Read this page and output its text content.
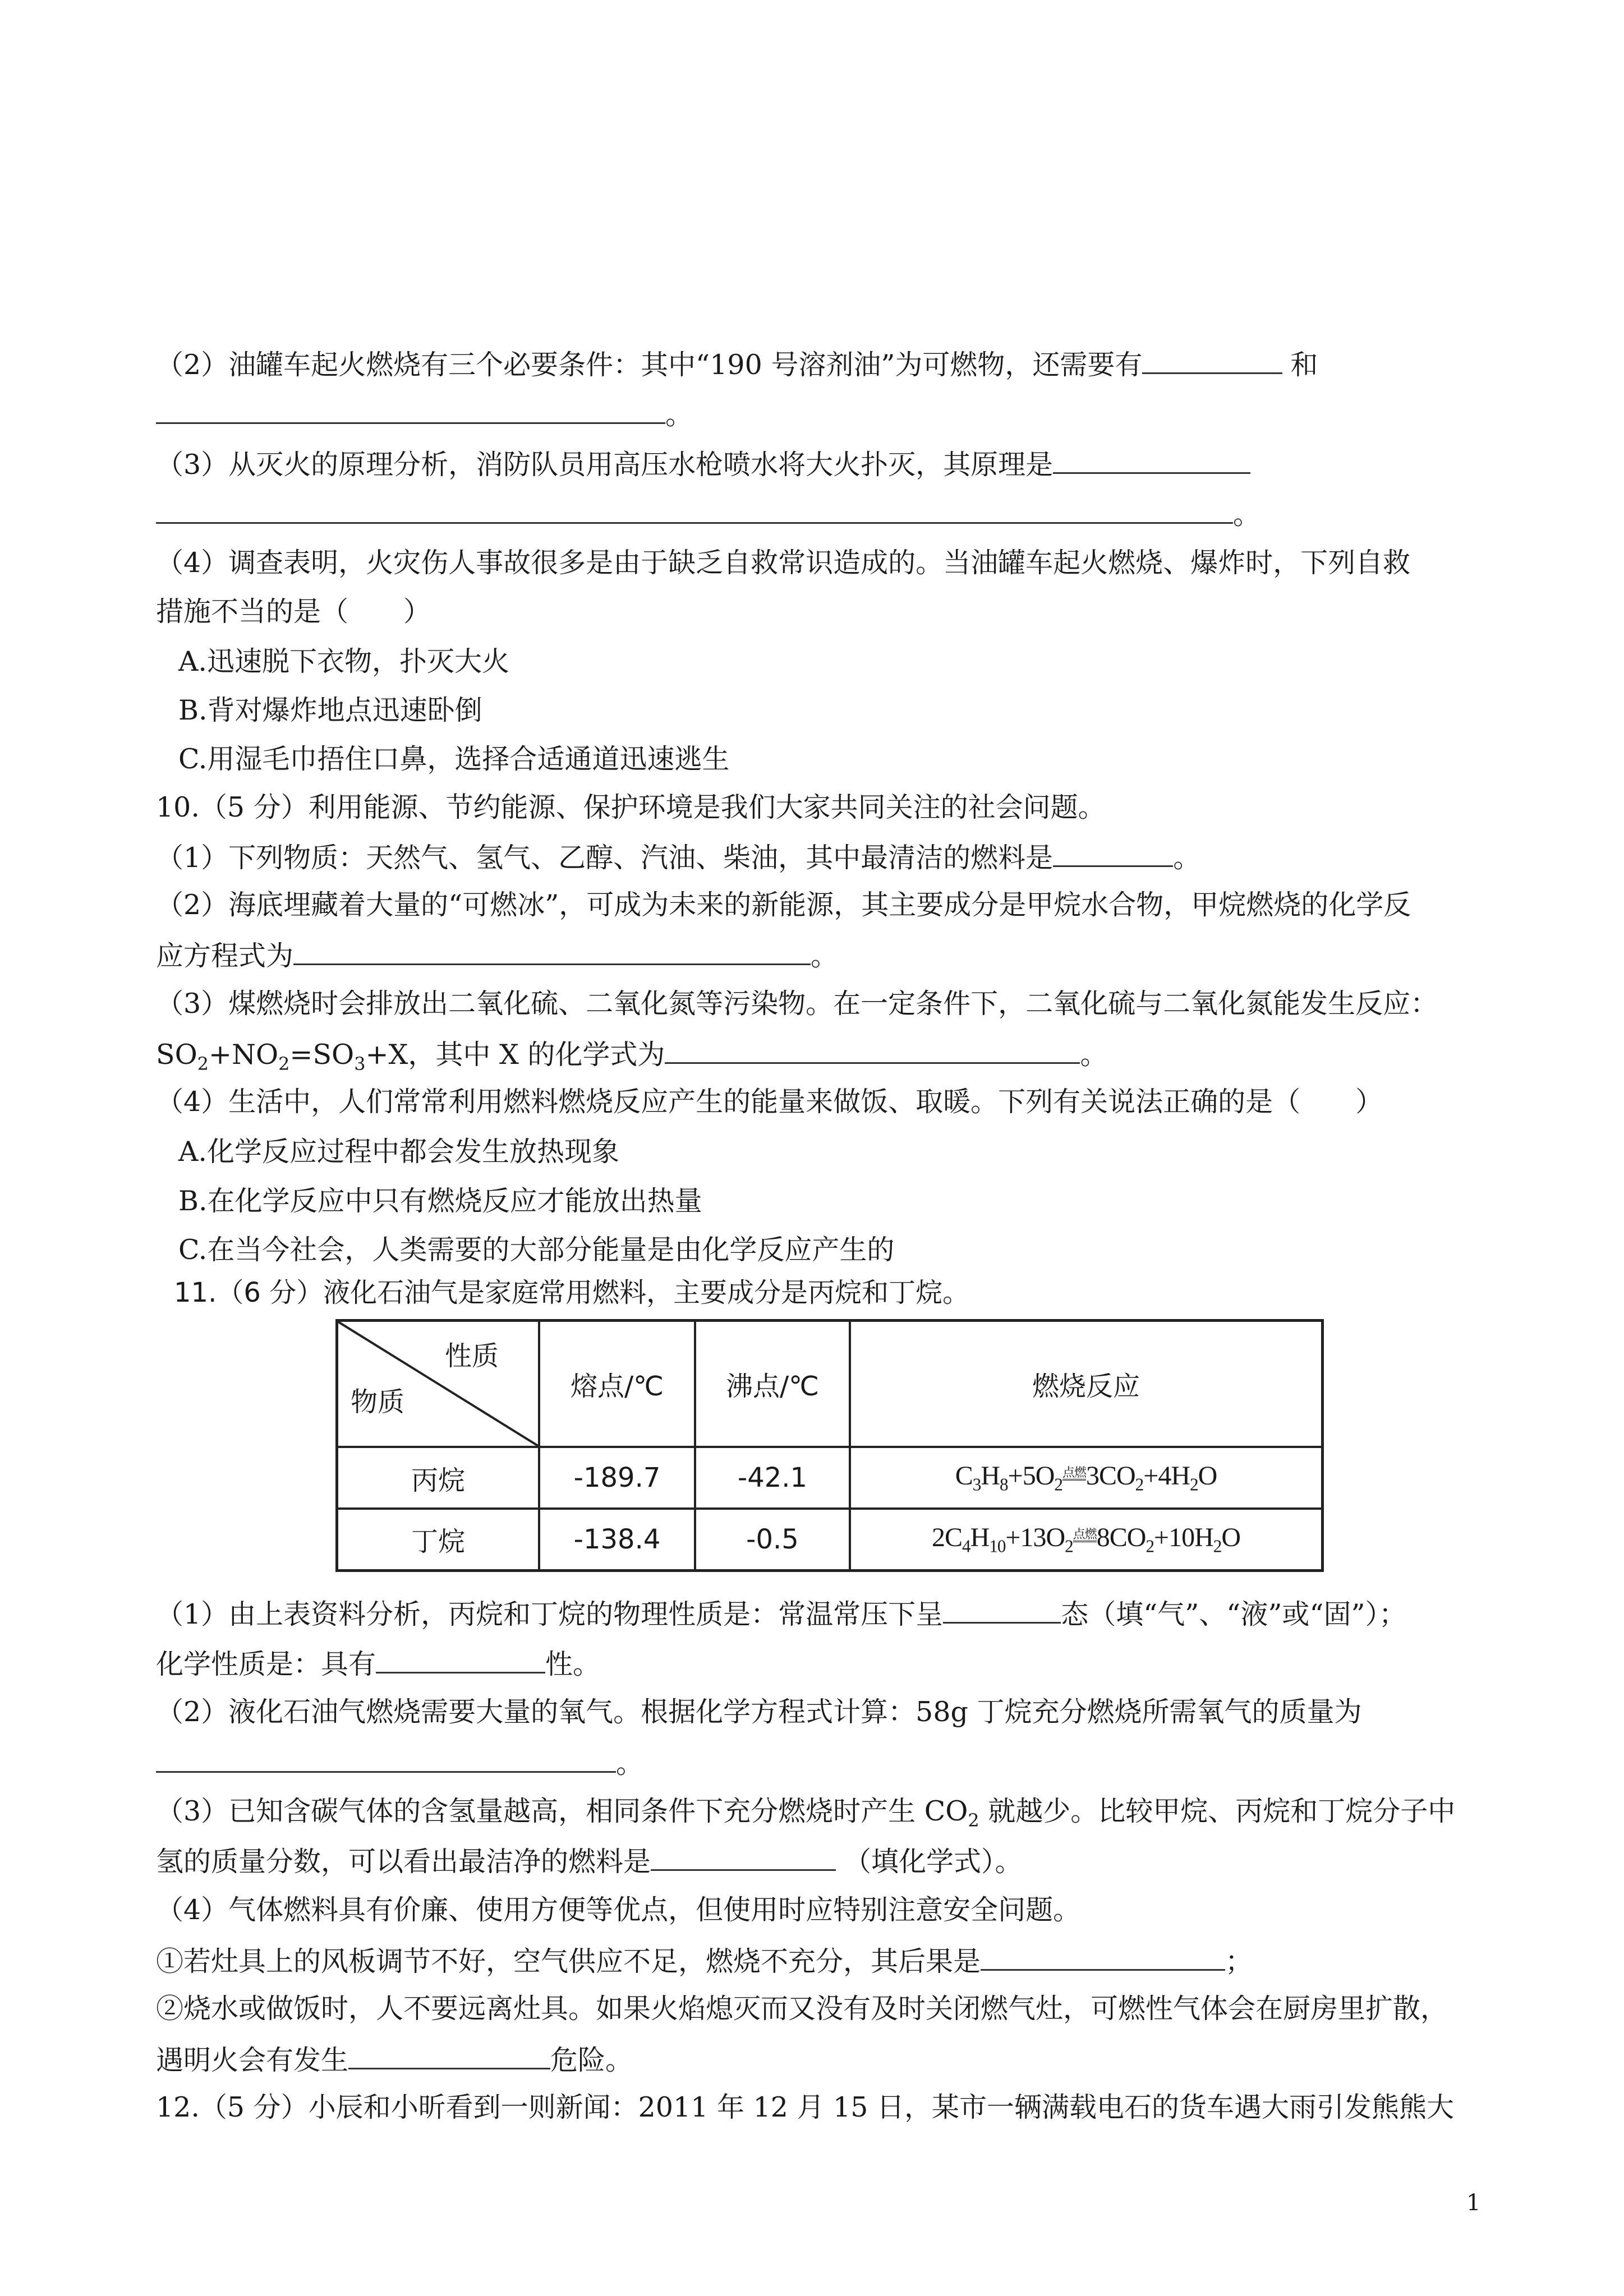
（2）油罐车起火燃烧有三个必要条件：其中“190 号溶剂油”为可燃物，还需要有	和
。
（3）从灭火的原理分析，消防队员用高压水枪喷水将大火扑灭，其原理是
。
（4）调查表明，火灾伤人事故很多是由于缺乏自救常识造成的。当油罐车起火燃烧、爆炸时，下列自救
措施不当的是（　　）
A.迅速脱下衣物，扑灭大火
B.背对爆炸地点迅速卧倒
C.用湿毛巾捂住口鼻，选择合适通道迅速逃生
10.（5 分）利用能源、节约能源、保护环境是我们大家共同关注的社会问题。
（1）下列物质：天然气、氢气、乙醇、汽油、柴油，其中最清洁的燃料是	。
（2）海底埋藏着大量的“可燃冰”，可成为未来的新能源，其主要成分是甲烷水合物，甲烷燃烧的化学反
应方程式为	。
（3）煤燃烧时会排放出二氧化硫、二氧化氮等污染物。在一定条件下，二氧化硫与二氧化氮能发生反应：
$SO_2+NO_2=SO_3+X$，其中 X 的化学式为	。
（4）生活中，人们常常利用燃料燃烧反应产生的能量来做饭、取暖。下列有关说法正确的是（　　）
A.化学反应过程中都会发生放热现象
B.在化学反应中只有燃烧反应才能放出热量
C.在当今社会，人类需要的大部分能量是由化学反应产生的
11.（6 分）液化石油气是家庭常用燃料，主要成分是丙烷和丁烷。
性质
物质	熔点/℃	沸点/℃	燃烧反应
丙烷	-189.7	-42.1	$C_3H_8+5O_2$点燃$3CO_2+4H_2O$
丁烷	-138.4	-0.5	$2C_4H_{10}+13O_2$点燃$8CO_2+10H_2O$
（1）由上表资料分析，丙烷和丁烷的物理性质是：常温常压下呈	态（填“气”、“液”或“固”）；
化学性质是：具有	性。
（2）液化石油气燃烧需要大量的氧气。根据化学方程式计算：58g 丁烷充分燃烧所需氧气的质量为
。
（3）已知含碳气体的含氢量越高，相同条件下充分燃烧时产生 $CO_2$ 就越少。比较甲烷、丙烷和丁烷分子中
氢的质量分数，可以看出最洁净的燃料是	（填化学式）。
（4）气体燃料具有价廉、使用方便等优点，但使用时应特别注意安全问题。
①若灶具上的风板调节不好，空气供应不足，燃烧不充分，其后果是	；
②烧水或做饭时，人不要远离灶具。如果火焰熄灭而又没有及时关闭燃气灶，可燃性气体会在厨房里扩散，
遇明火会有发生	危险。
12.（5 分）小辰和小昕看到一则新闻：2011 年 12 月 15 日，某市一辆满载电石的货车遇大雨引发熊熊大
1
